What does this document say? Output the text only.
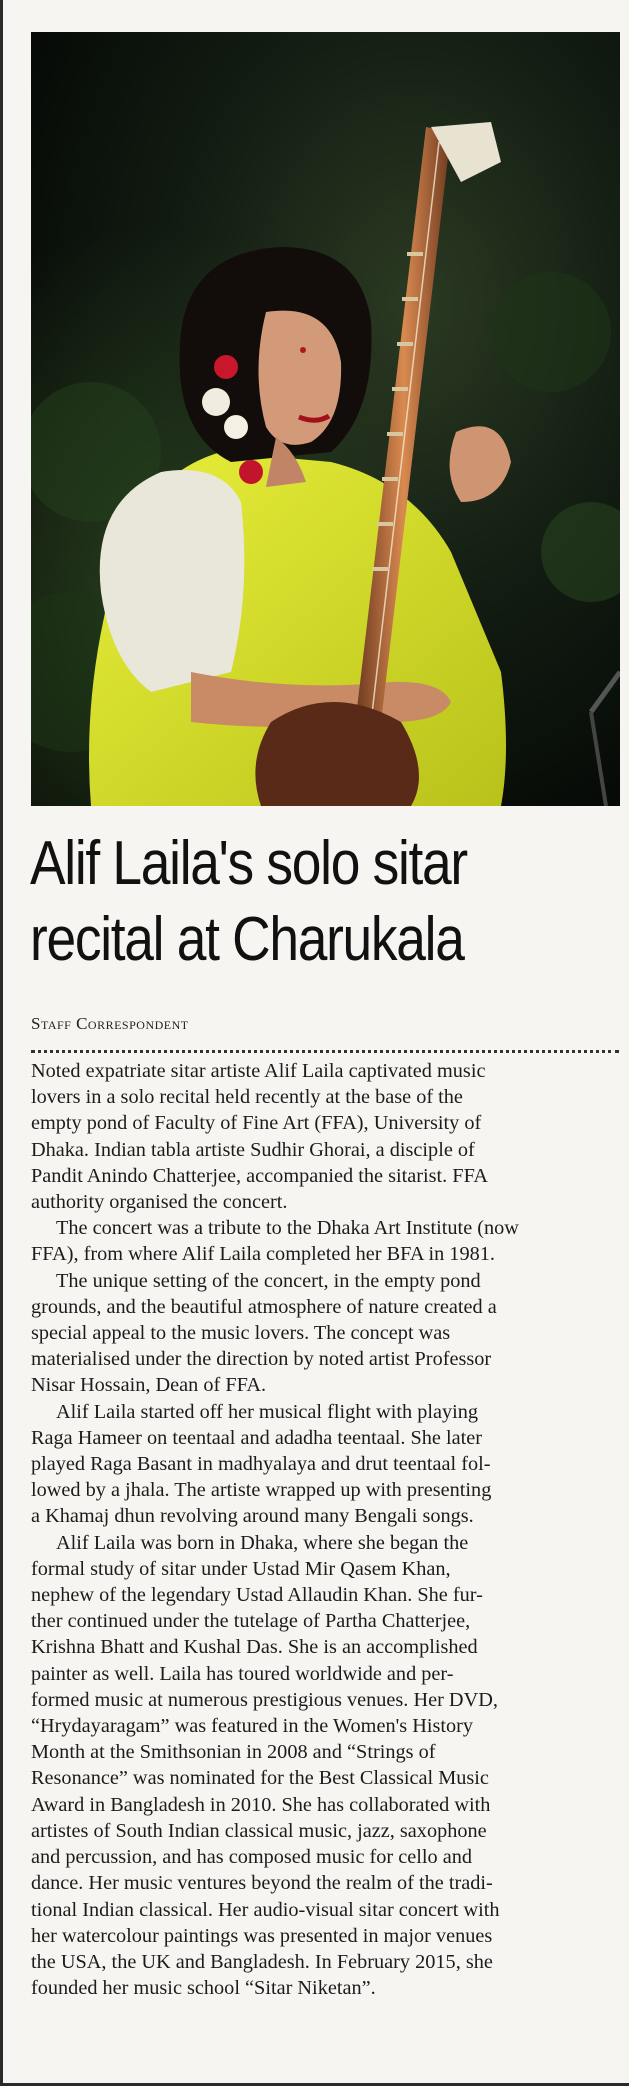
Alif Laila's solo sitar
recital at Charukala
Staff Correspondent
Noted expatriate sitar artiste Alif Laila captivated music
lovers in a solo recital held recently at the base of the
empty pond of Faculty of Fine Art (FFA), University of
Dhaka. Indian tabla artiste Sudhir Ghorai, a disciple of
Pandit Anindo Chatterjee, accompanied the sitarist. FFA
authority organised the concert.
The concert was a tribute to the Dhaka Art Institute (now
FFA), from where Alif Laila completed her BFA in 1981.
The unique setting of the concert, in the empty pond
grounds, and the beautiful atmosphere of nature created a
special appeal to the music lovers. The concept was
materialised under the direction by noted artist Professor
Nisar Hossain, Dean of FFA.
Alif Laila started off her musical flight with playing
Raga Hameer on teentaal and adadha teentaal. She later
played Raga Basant in madhyalaya and drut teentaal fol-
lowed by a jhala. The artiste wrapped up with presenting
a Khamaj dhun revolving around many Bengali songs.
Alif Laila was born in Dhaka, where she began the
formal study of sitar under Ustad Mir Qasem Khan,
nephew of the legendary Ustad Allaudin Khan. She fur-
ther continued under the tutelage of Partha Chatterjee,
Krishna Bhatt and Kushal Das. She is an accomplished
painter as well. Laila has toured worldwide and per-
formed music at numerous prestigious venues. Her DVD,
“Hrydayaragam” was featured in the Women's History
Month at the Smithsonian in 2008 and “Strings of
Resonance” was nominated for the Best Classical Music
Award in Bangladesh in 2010. She has collaborated with
artistes of South Indian classical music, jazz, saxophone
and percussion, and has composed music for cello and
dance. Her music ventures beyond the realm of the tradi-
tional Indian classical. Her audio-visual sitar concert with
her watercolour paintings was presented in major venues
the USA, the UK and Bangladesh. In February 2015, she
founded her music school “Sitar Niketan”.
